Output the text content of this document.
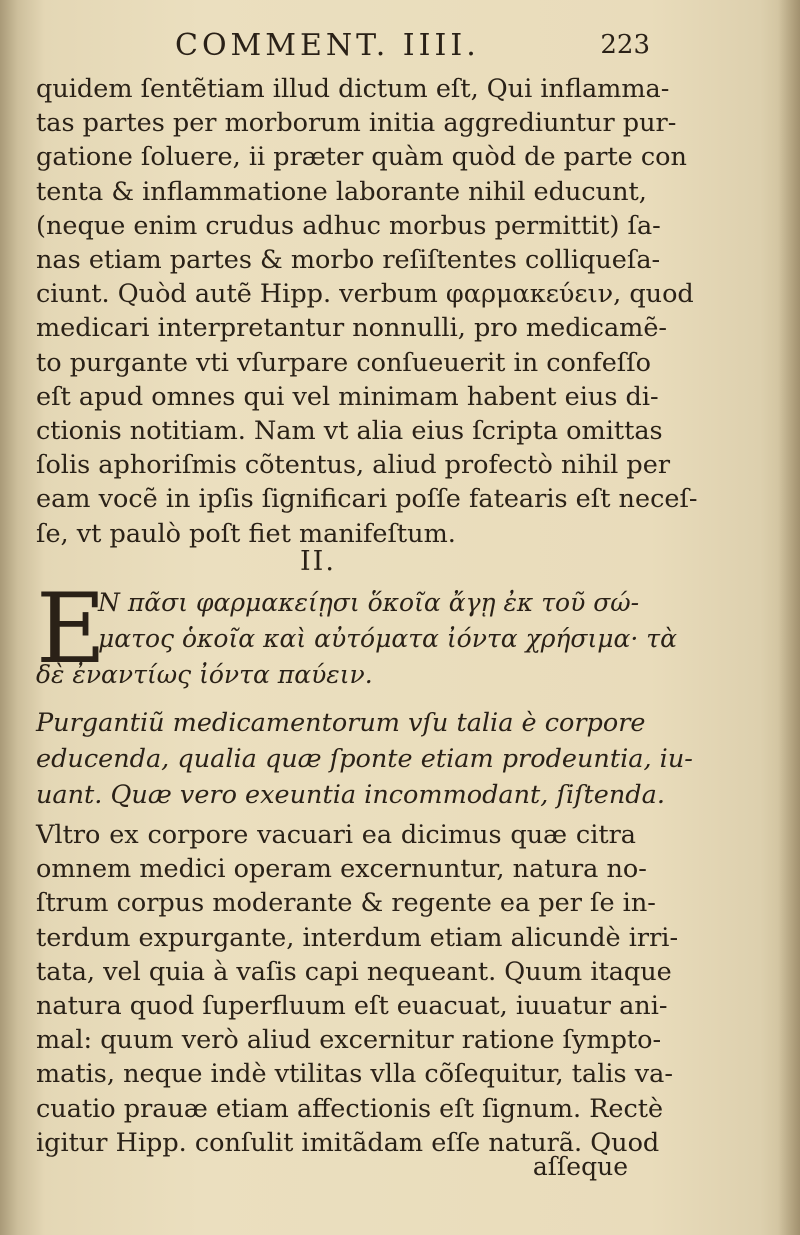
COMMENT. IIII.	223
quidem ſentẽtiam illud dictum eſt, Qui inflamma-
tas partes per morborum initia aggrediuntur pur-
gatione ſoluere, ii præter quàm quòd de parte con
tenta & inflammatione laborante nihil educunt,
(neque enim crudus adhuc morbus permittit) ſa-
nas etiam partes & morbo reſiſtentes colliqueſa-
ciunt. Quòd autẽ Hipp. verbum φαρμακεύειν, quod
medicari interpretantur nonnulli, pro medicamẽ-
to purgante vti vſurpare conſueuerit in confeſſo
eſt apud omnes qui vel minimam habent eius di-
ctionis notitiam. Nam vt alia eius ſcripta omittas
ſolis aphoriſmis cõtentus, aliud profectò nihil per
eam vocẽ in ipſis ſignificari poſſe fatearis eſt neceſ-
ſe, vt paulò poſt fiet manifeſtum.
II.
E
N πᾶσι φαρμακείῃσι ὅκοῖα ἄγῃ ἐκ τοῦ σώ-
ματος ὁκοῖα καὶ αὐτόματα ἰόντα χρήσιμα· τὰ
δὲ ἐναντίως ἰόντα παύειν.
Purgantiũ medicamentorum vſu talia è corpore
educenda, qualia quæ ſponte etiam prodeuntia, iu-
uant. Quæ vero exeuntia incommodant, ſiſtenda.
Vltro ex corpore vacuari ea dicimus quæ citra
omnem medici operam excernuntur, natura no-
ſtrum corpus moderante & regente ea per ſe in-
terdum expurgante, interdum etiam alicundè irri-
tata, vel quia à vaſis capi nequeant. Quum itaque
natura quod ſuperfluum eſt euacuat, iuuatur ani-
mal: quum verò aliud excernitur ratione ſympto-
matis, neque indè vtilitas vlla cõſequitur, talis va-
cuatio prauæ etiam affectionis eſt ſignum. Rectè
igitur Hipp. conſulit imitãdam eſſe naturã. Quod
aſſeque
